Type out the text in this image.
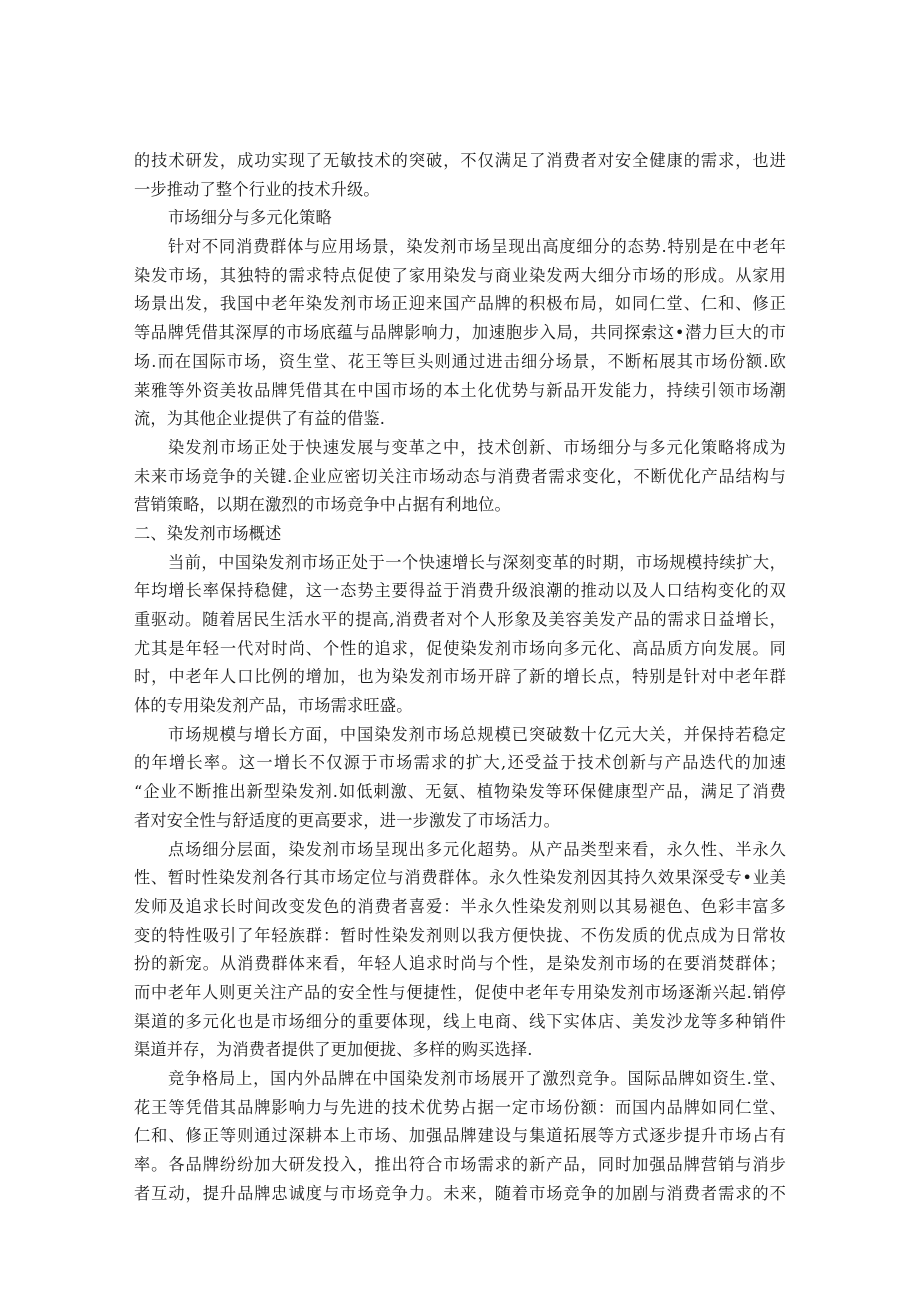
的技术研发，成功实现了无敏技术的突破，不仅满足了消费者对安全健康的需求，也进
一步推动了整个行业的技术升级。
市场细分与多元化策略
针对不同消费群体与应用场景，染发剂市场呈现出高度细分的态势.特别是在中老年
染发市场，其独特的需求特点促使了家用染发与商业染发两大细分市场的形成。从家用
场景出发，我国中老年染发剂市场正迎来国产品牌的积极布局，如同仁堂、仁和、修正
等品牌凭借其深厚的市场底蕴与品牌影响力，加速胞步入局，共同探索这•潜力巨大的市
场.而在国际市场，资生堂、花王等巨头则通过进击细分场景，不断柘展其市场份额.欧
莱雅等外资美妆品牌凭借其在中国市场的本土化优势与新品开发能力，持续引领市场潮
流，为其他企业提供了有益的借鉴.
染发剂市场正处于快速发展与变革之中，技术创新、市场细分与多元化策略将成为
未来市场竞争的关键.企业应密切关注市场动态与消费者需求变化，不断优化产品结构与
营销策略，以期在激烈的市场竞争中占据有利地位。
二、染发剂市场概述
当前，中国染发剂市场正处于一个快速增长与深刻变革的时期，市场规模持续扩大，
年均增长率保持稳健，这一态势主要得益于消费升级浪潮的推动以及人口结构变化的双
重驱动。随着居民生活水平的提高,消费者对个人形象及美容美发产品的需求日益增长，
尤其是年轻一代对时尚、个性的追求，促使染发剂市场向多元化、高品质方向发展。同
时，中老年人口比例的增加，也为染发剂市场开辟了新的增长点，特别是针对中老年群
体的专用染发剂产品，市场需求旺盛。
市场规模与增长方面，中国染发剂市场总规模已突破数十亿元大关，并保持若稳定
的年增长率。这一增长不仅源于市场需求的扩大,还受益于技术创新与产品迭代的加速
“企业不断推出新型染发剂.如低刺激、无氨、植物染发等环保健康型产品，满足了消费
者对安全性与舒适度的更高要求，进一步激发了市场活力。
点场细分层面，染发剂市场呈现出多元化超势。从产品类型来看，永久性、半永久
性、暂时性染发剂各行其市场定位与消费群体。永久性染发剂因其持久效果深受专•业美
发师及追求长时间改变发色的消费者喜爱：半永久性染发剂则以其易褪色、色彩丰富多
变的特性吸引了年轻族群：暂时性染发剂则以我方便快拢、不伤发质的优点成为日常妆
扮的新宠。从消费群体来看，年轻人追求时尚与个性，是染发剂市场的在要消焚群体；
而中老年人则更关注产品的安全性与便捷性，促使中老年专用染发剂市场逐渐兴起.销停
渠道的多元化也是市场细分的重要体现，线上电商、线下实体店、美发沙龙等多种销件
渠道并存，为消费者提供了更加便拢、多样的购买选择.
竞争格局上，国内外品牌在中国染发剂市场展开了激烈竞争。国际品牌如资生.堂、
花王等凭借其品牌影响力与先进的技术优势占据一定市场份额：而国内品牌如同仁堂、
仁和、修正等则通过深耕本上市场、加强品牌建设与集道拓展等方式逐步提升市场占有
率。各品牌纷纷加大研发投入，推出符合市场需求的新产品，同时加强品牌营销与消步
者互动，提升品牌忠诚度与市场竞争力。未来，随着市场竞争的加剧与消费者需求的不
